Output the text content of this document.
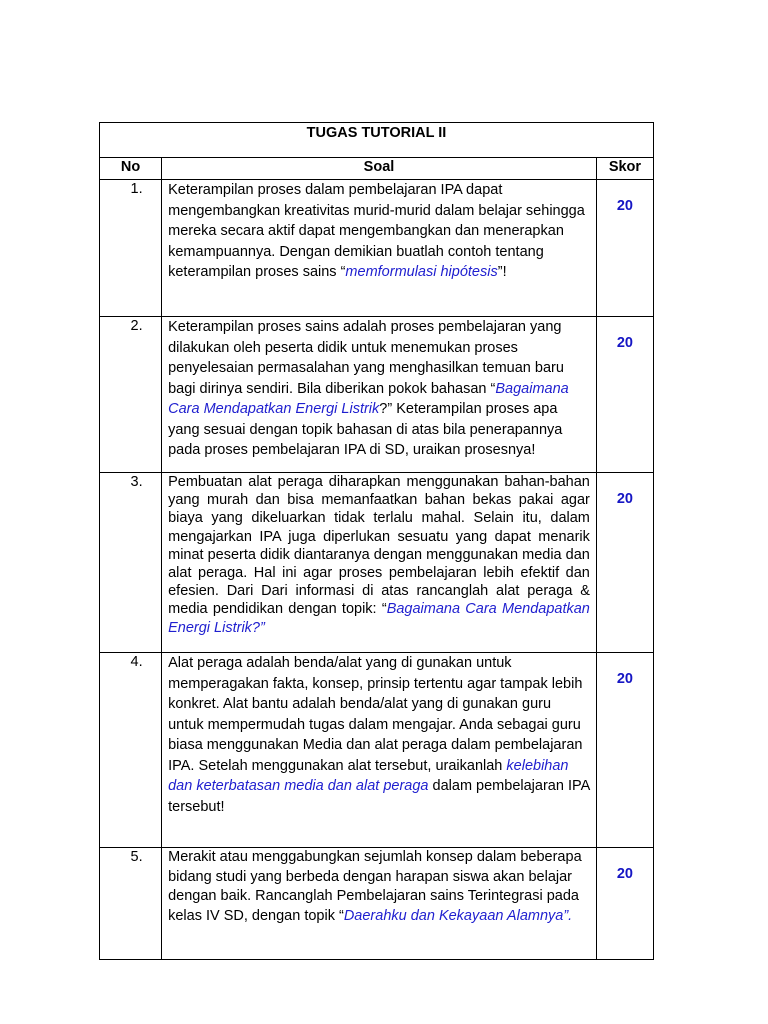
TUGAS TUTORIAL II		
No	Soal	Skor
1.	Keterampilan proses dalam pembelajaran IPA dapat mengembangkan kreativitas murid-murid dalam belajar sehingga mereka secara aktif dapat mengembangkan dan menerapkan kemampuannya. Dengan demikian buatlah contoh tentang keterampilan proses sains “memformulasi hipótesis”!	20
2.	Keterampilan proses sains adalah proses pembelajaran yang dilakukan oleh peserta didik untuk menemukan proses penyelesaian permasalahan yang menghasilkan temuan baru bagi dirinya sendiri. Bila diberikan pokok bahasan “Bagaimana Cara Mendapatkan Energi Listrik?” Keterampilan proses apa yang sesuai dengan topik bahasan di atas bila penerapannya pada proses pembelajaran IPA di SD, uraikan prosesnya!	20
3.	Pembuatan alat peraga diharapkan menggunakan bahan-bahan yang murah dan bisa memanfaatkan bahan bekas pakai agar biaya yang dikeluarkan tidak terlalu mahal. Selain itu, dalam mengajarkan IPA juga diperlukan sesuatu yang dapat menarik minat peserta didik diantaranya dengan menggunakan media dan alat peraga. Hal ini agar proses pembelajaran lebih efektif dan efesien. Dari Dari informasi di atas rancanglah alat peraga & media pendidikan dengan topik: “Bagaimana Cara Mendapatkan Energi Listrik?”	20
4.	Alat peraga adalah benda/alat yang di gunakan untuk memperagakan fakta, konsep, prinsip tertentu agar tampak lebih konkret. Alat bantu adalah benda/alat yang di gunakan guru untuk mempermudah tugas dalam mengajar. Anda sebagai guru biasa menggunakan Media dan alat peraga dalam pembelajaran IPA. Setelah menggunakan alat tersebut, uraikanlah kelebihan dan keterbatasan media dan alat peraga dalam pembelajaran IPA tersebut!	20
5.	Merakit atau menggabungkan sejumlah konsep dalam beberapa bidang studi yang berbeda dengan harapan siswa akan belajar dengan baik. Rancanglah Pembelajaran sains Terintegrasi pada kelas IV SD, dengan topik “Daerahku dan Kekayaan Alamnya”.	20
